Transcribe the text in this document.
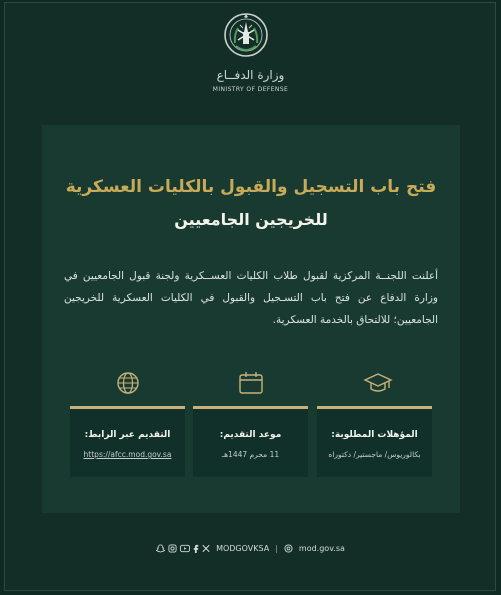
وزارة الدفــاع
MINISTRY OF DEFENSE
فتح باب التسجيل والقبول بالكليات العسكرية
للخريجين الجامعيين
أعلنت اللجنــة المركزية لقبول طلاب الكليات العســكرية ولجنة قبول الجامعيين في وزارة الدفاع عن فتح باب التسـجيل والقبول في الكليات العسكرية للخريجين الجامعيين؛ للالتحاق بالخدمة العسكرية.
المؤهلات المطلوبة:
بكالوريوس/ ماجستير/ دكتوراه
موعد التقديم:
11 محرم 1447هـ
التقديم عبر الرابط:
https://afcc.mod.gov.sa
MODGOVKSA |	mod.gov.sa
